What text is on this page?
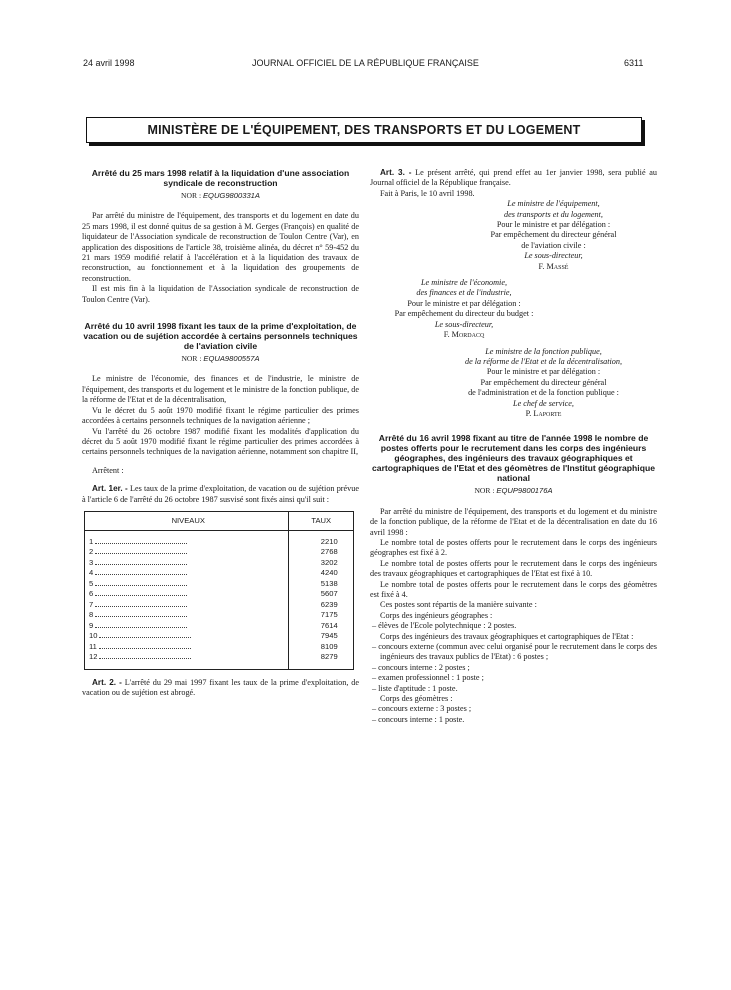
24 avril 1998	JOURNAL OFFICIEL DE LA RÉPUBLIQUE FRANÇAISE	6311
MINISTÈRE DE L'ÉQUIPEMENT, DES TRANSPORTS ET DU LOGEMENT
Arrêté du 25 mars 1998 relatif à la liquidation d'une association syndicale de reconstruction
NOR : EQUG9800331A

Par arrêté du ministre de l'équipement, des transports et du logement en date du 25 mars 1998, il est donné quitus de sa gestion à M. Gerges (François) en qualité de liquidateur de l'Association syndicale de reconstruction de Toulon Centre (Var), en application des dispositions de l'article 38, troisième alinéa, du décret n° 59-452 du 21 mars 1959 modifié relatif à l'accélération et à la liquidation des travaux de reconstruction, au fonctionnement et à la liquidation des groupements de reconstruction.

Il est mis fin à la liquidation de l'Association syndicale de reconstruction de Toulon Centre (Var).

Arrêté du 10 avril 1998 fixant les taux de la prime d'exploitation, de vacation ou de sujétion accordée à certains personnels techniques de l'aviation civile
NOR : EQUA9800557A

Le ministre de l'économie, des finances et de l'industrie, le ministre de l'équipement, des transports et du logement et le ministre de la fonction publique, de la réforme de l'Etat et de la décentralisation,

Vu le décret du 5 août 1970 modifié fixant le régime particulier des primes accordées à certains personnels techniques de la navigation aérienne ;

Vu l'arrêté du 26 octobre 1987 modifié fixant les modalités d'application du décret du 5 août 1970 modifié fixant le régime particulier des primes accordées à certains personnels techniques de la navigation aérienne, notamment son chapitre II,

Arrêtent :

Art. 1er. - Les taux de la prime d'exploitation, de vacation ou de sujétion prévue à l'article 6 de l'arrêté du 26 octobre 1987 susvisé sont fixés ainsi qu'il suit :

NIVEAUX	TAUX

1	2210
2	2768
3	3202
4	4240
5	5138
6	5607
7	6239
8	7175
9	7614
10	7945
11	8109
12	8279

Art. 2. - L'arrêté du 29 mai 1997 fixant les taux de la prime d'exploitation, de vacation ou de sujétion est abrogé.

Art. 3. - Le présent arrêté, qui prend effet au 1er janvier 1998, sera publié au Journal officiel de la République française.

Fait à Paris, le 10 avril 1998.

Le ministre de l'équipement,
des transports et du logement,
Pour le ministre et par délégation :
Par empêchement du directeur général
de l'aviation civile :
Le sous-directeur,
F. Massé
Le ministre de l'économie,
des finances et de l'industrie,
Pour le ministre et par délégation :
Par empêchement du directeur du budget :
Le sous-directeur,
F. Mordacq
Le ministre de la fonction publique,
de la réforme de l'Etat et de la décentralisation,
Pour le ministre et par délégation :
Par empêchement du directeur général
de l'administration et de la fonction publique :
Le chef de service,
P. Laporte
Arrêté du 16 avril 1998 fixant au titre de l'année 1998 le nombre de postes offerts pour le recrutement dans les corps des ingénieurs géographes, des ingénieurs des travaux géographiques et cartographiques de l'Etat et des géomètres de l'Institut géographique national
NOR : EQUP9800176A

Par arrêté du ministre de l'équipement, des transports et du logement et du ministre de la fonction publique, de la réforme de l'Etat et de la décentralisation en date du 16 avril 1998 :

Le nombre total de postes offerts pour le recrutement dans le corps des ingénieurs géographes est fixé à 2.

Le nombre total de postes offerts pour le recrutement dans le corps des ingénieurs des travaux géographiques et cartographiques de l'Etat est fixé à 10.

Le nombre total de postes offerts pour le recrutement dans le corps des géomètres est fixé à 4.

Ces postes sont répartis de la manière suivante :

Corps des ingénieurs géographes :

– élèves de l'Ecole polytechnique : 2 postes.

Corps des ingénieurs des travaux géographiques et cartographiques de l'Etat :

– concours externe (commun avec celui organisé pour le recrutement dans le corps des ingénieurs des travaux publics de l'Etat) : 6 postes ;
– concours interne : 2 postes ;
– examen professionnel : 1 poste ;
– liste d'aptitude : 1 poste.

Corps des géomètres :

– concours externe : 3 postes ;
– concours interne : 1 poste.
